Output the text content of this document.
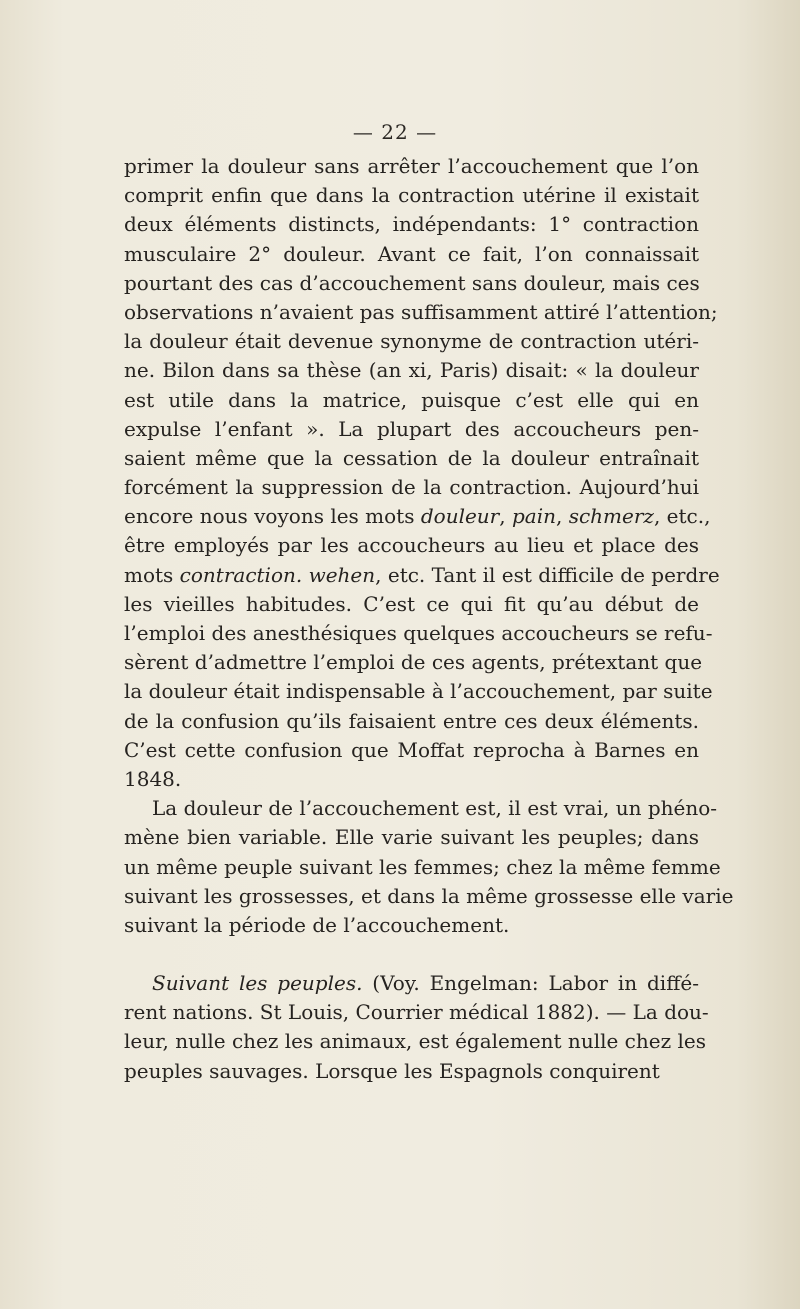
— 22 —
primer la douleur sans arrêter l’accouchement que l’on
comprit enfin que dans la contraction utérine il existait
deux éléments distincts, indépendants: 1° contraction
musculaire 2° douleur. Avant ce fait, l’on connaissait
pourtant des cas d’accouchement sans douleur, mais ces
observations n’avaient pas suffisamment attiré l’attention;
la douleur était devenue synonyme de contraction utéri-
ne. Bilon dans sa thèse (an xi, Paris) disait: « la douleur
est utile dans la matrice, puisque c’est elle qui en
expulse l’enfant ». La plupart des accoucheurs pen-
saient même que la cessation de la douleur entraînait
forcément la suppression de la contraction. Aujourd’hui
encore nous voyons les mots douleur, pain, schmerz, etc.,
être employés par les accoucheurs au lieu et place des
mots contraction. wehen, etc. Tant il est difficile de perdre
les vieilles habitudes. C’est ce qui fit qu’au début de
l’emploi des anesthésiques quelques accoucheurs se refu-
sèrent d’admettre l’emploi de ces agents, prétextant que
la douleur était indispensable à l’accouchement, par suite
de la confusion qu’ils faisaient entre ces deux éléments.
C’est cette confusion que Moffat reprocha à Barnes en
1848.
La douleur de l’accouchement est, il est vrai, un phéno-
mène bien variable. Elle varie suivant les peuples; dans
un même peuple suivant les femmes; chez la même femme
suivant les grossesses, et dans la même grossesse elle varie
suivant la période de l’accouchement.
Suivant les peuples. (Voy. Engelman: Labor in diffé-
rent nations. St Louis, Courrier médical 1882). — La dou-
leur, nulle chez les animaux, est également nulle chez les
peuples sauvages. Lorsque les Espagnols conquirent
